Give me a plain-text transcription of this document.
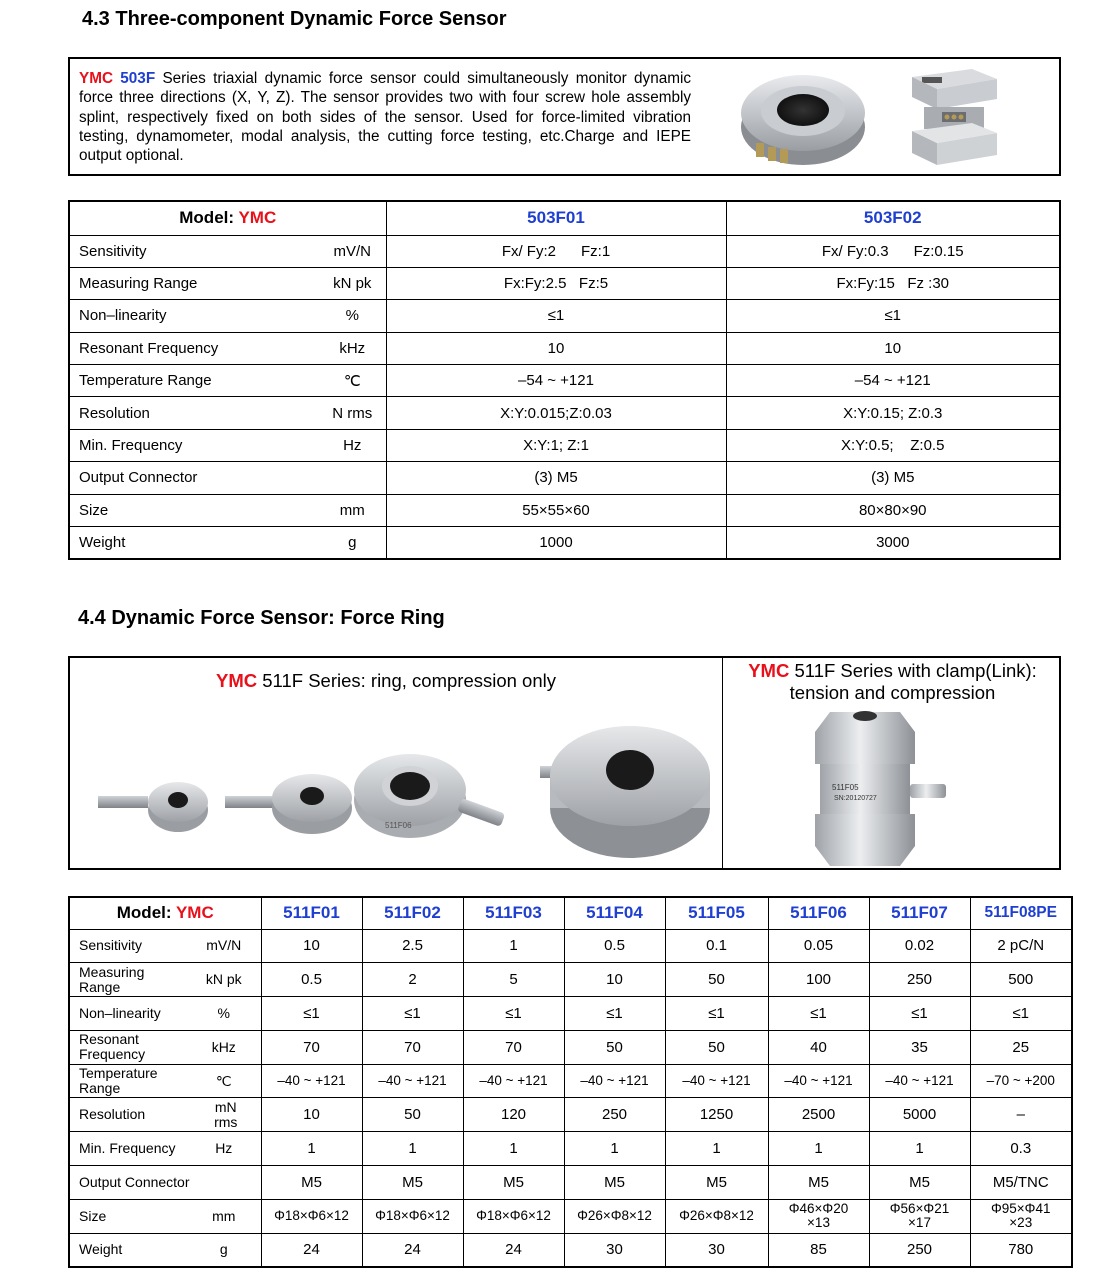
4.3 Three-component Dynamic Force Sensor
YMC 503F Series triaxial dynamic force sensor could simultaneously monitor dynamic force three directions (X, Y, Z). The sensor provides two with four screw hole assembly splint, respectively fixed on both sides of the sensor. Used for force-limited vibration testing, dynamometer, modal analysis, the cutting force testing, etc.Charge and IEPE output optional.
Model: YMC		503F01	503F02
Sensitivity	mV/N	Fx/ Fy:2      Fz:1	Fx/ Fy:0.3      Fz:0.15
Measuring Range	kN pk	Fx:Fy:2.5   Fz:5	Fx:Fy:15   Fz :30
Non–linearity	%	≤1	≤1
Resonant Frequency	kHz	10	10
Temperature Range	℃	–54 ~ +121	–54 ~ +121
Resolution	N rms	X:Y:0.015;Z:0.03	X:Y:0.15; Z:0.3
Min. Frequency	Hz	X:Y:1; Z:1	X:Y:0.5;    Z:0.5
Output Connector		(3) M5	(3) M5
Size	mm	55×55×60	80×80×90
Weight	g	1000	3000
4.4 Dynamic Force Sensor: Force Ring
YMC 511F Series: ring, compression only	YMC 511F Series with clamp(Link):
tension and compression
511F06
511F05
SN:20120727
Model: YMC		511F01	511F02	511F03	511F04	511F05	511F06	511F07	511F08PE
Sensitivity	mV/N	10	2.5	1	0.5	0.1	0.05	0.02	2 pC/N
Measuring Range	kN pk	0.5	2	5	10	50	100	250	500
Non–linearity	%	≤1	≤1	≤1	≤1	≤1	≤1	≤1	≤1
Resonant Frequency	kHz	70	70	70	50	50	40	35	25
Temperature Range	℃	–40 ~ +121	–40 ~ +121	–40 ~ +121	–40 ~ +121	–40 ~ +121	–40 ~ +121	–40 ~ +121	–70 ~ +200
Resolution	mN rms	10	50	120	250	1250	2500	5000	–
Min. Frequency	Hz	1	1	1	1	1	1	1	0.3
Output Connector		M5	M5	M5	M5	M5	M5	M5	M5/TNC
Size	mm	Φ18×Φ6×12	Φ18×Φ6×12	Φ18×Φ6×12	Φ26×Φ8×12	Φ26×Φ8×12	Φ46×Φ20 ×13	Φ56×Φ21 ×17	Φ95×Φ41 ×23
Weight	g	24	24	24	30	30	85	250	780
